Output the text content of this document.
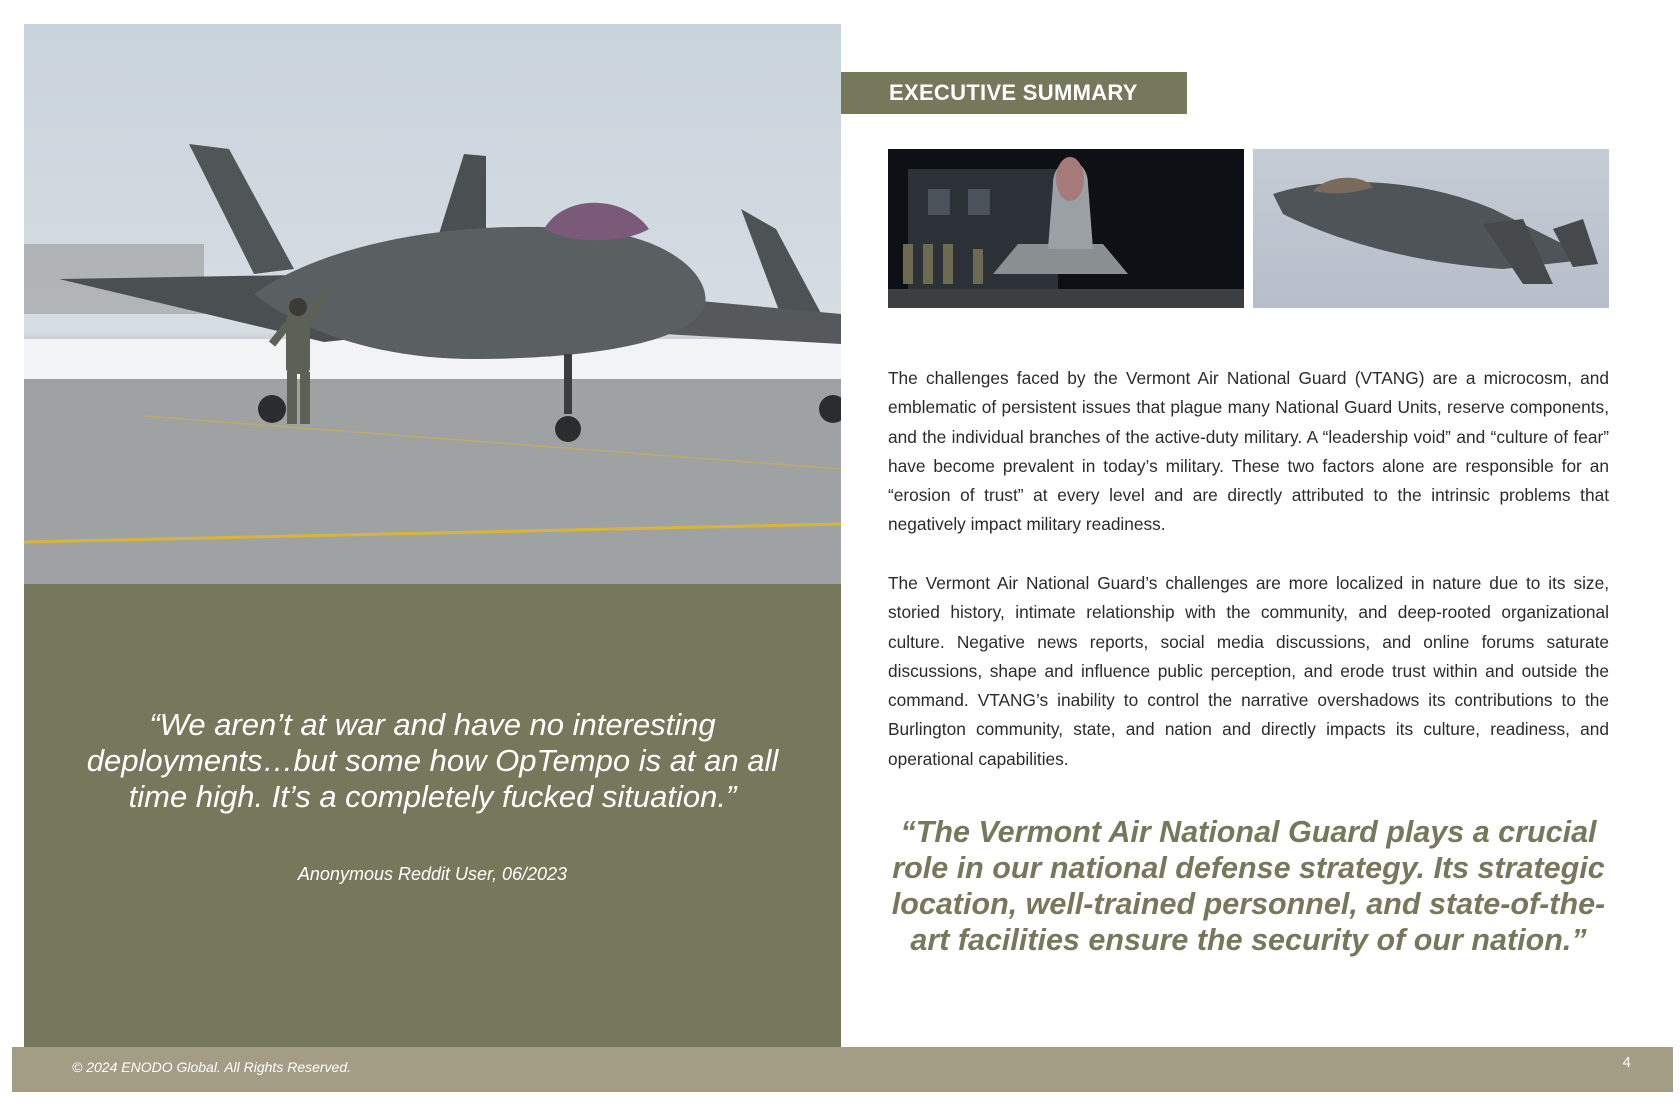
“We aren’t at war and have no interesting deployments…but some how OpTempo is at an all time high. It’s a completely fucked situation.”

Anonymous Reddit User, 06/2023

EXECUTIVE SUMMARY

The challenges faced by the Vermont Air National Guard (VTANG) are a microcosm, and emblematic of persistent issues that plague many National Guard Units, reserve components, and the individual branches of the active-duty military. A “leadership void” and “culture of fear” have become prevalent in today’s military. These two factors alone are responsible for an “erosion of trust” at every level and are directly attributed to the intrinsic problems that negatively impact military readiness.

The Vermont Air National Guard’s challenges are more localized in nature due to its size, storied history, intimate relationship with the community, and deep-rooted organizational culture. Negative news reports, social media discussions, and online forums saturate discussions, shape and influence public perception, and erode trust within and outside the command. VTANG’s inability to control the narrative overshadows its contributions to the Burlington community, state, and nation and directly impacts its culture, readiness, and operational capabilities.

“The Vermont Air National Guard plays a crucial role in our national defense strategy. Its strategic location, well-trained personnel, and state-of-the-art facilities ensure the security of our nation.”

© 2024 ENODO Global. All Rights Reserved.	4
